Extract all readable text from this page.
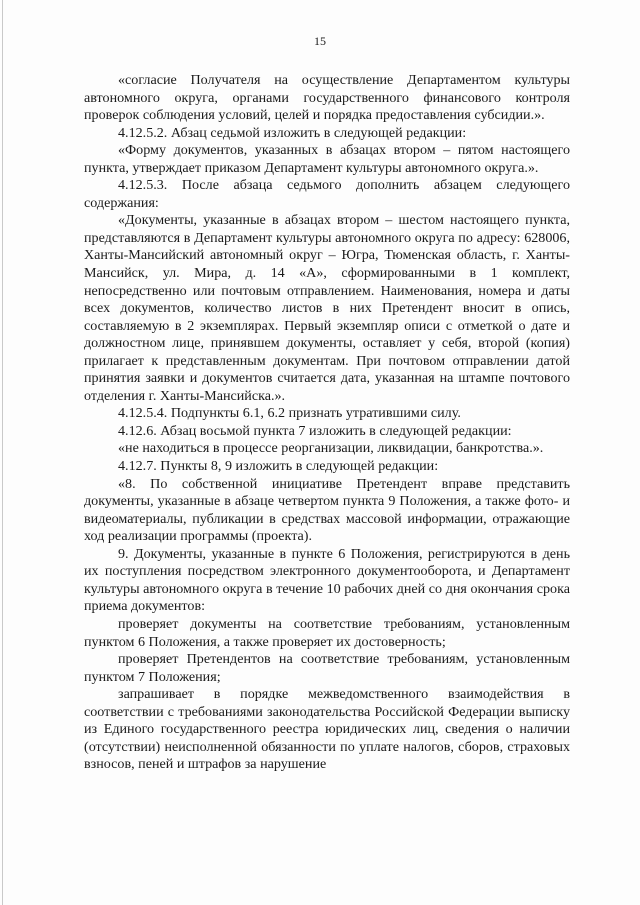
15

«согласие Получателя на осуществление Департаментом культуры автономного округа, органами государственного финансового контроля проверок соблюдения условий, целей и порядка предоставления субсидии.».

4.12.5.2. Абзац седьмой изложить в следующей редакции:

«Форму документов, указанных в абзацах втором – пятом настоящего пункта, утверждает приказом Департамент культуры автономного округа.».

4.12.5.3. После абзаца седьмого дополнить абзацем следующего содержания:

«Документы, указанные в абзацах втором – шестом настоящего пункта, представляются в Департамент культуры автономного округа по адресу: 628006, Ханты-Мансийский автономный округ – Югра, Тюменская область, г. Ханты-Мансийск, ул. Мира, д. 14 «А», сформированными в 1 комплект, непосредственно или почтовым отправлением. Наименования, номера и даты всех документов, количество листов в них Претендент вносит в опись, составляемую в 2 экземплярах. Первый экземпляр описи с отметкой о дате и должностном лице, принявшем документы, оставляет у себя, второй (копия) прилагает к представленным документам. При почтовом отправлении датой принятия заявки и документов считается дата, указанная на штампе почтового отделения г. Ханты-Мансийска.».

4.12.5.4. Подпункты 6.1, 6.2 признать утратившими силу.

4.12.6. Абзац восьмой пункта 7 изложить в следующей редакции:

«не находиться в процессе реорганизации, ликвидации, банкротства.».

4.12.7. Пункты 8, 9 изложить в следующей редакции:

«8. По собственной инициативе Претендент вправе представить документы, указанные в абзаце четвертом пункта 9 Положения, а также фото- и видеоматериалы, публикации в средствах массовой информации, отражающие ход реализации программы (проекта).

9. Документы, указанные в пункте 6 Положения, регистрируются в день их поступления посредством электронного документооборота, и Департамент культуры автономного округа в течение 10 рабочих дней со дня окончания срока приема документов:

проверяет документы на соответствие требованиям, установленным пунктом 6 Положения, а также проверяет их достоверность;

проверяет Претендентов на соответствие требованиям, установленным пунктом 7 Положения;

запрашивает в порядке межведомственного взаимодействия в соответствии с требованиями законодательства Российской Федерации выписку из Единого государственного реестра юридических лиц, сведения о наличии (отсутствии) неисполненной обязанности по уплате налогов, сборов, страховых взносов, пеней и штрафов за нарушение
